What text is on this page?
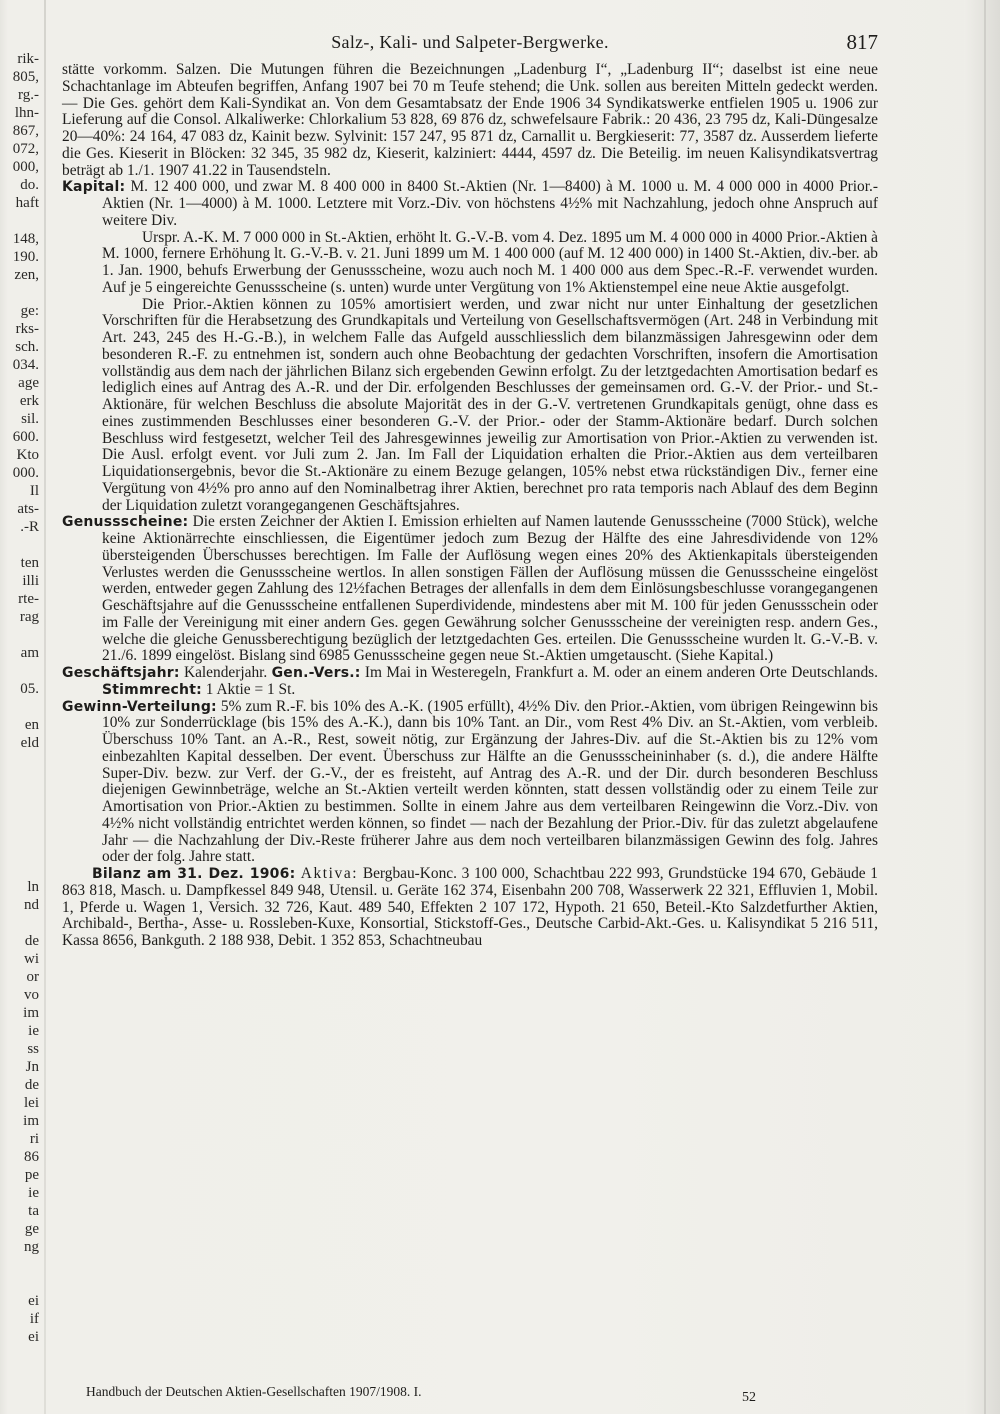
rik-
805,
rg.-
lhn-
867,
072,
000,
do.
haft

148,
190.
zen,

ge:
rks-
sch.
034.
age
erk
sil.
600.
Kto
000.
Il
ats-
.-R

ten
illi
rte-
rag

am

05.

en
eld

ln
nd

de
wi
or
vo
im
ie
ss
Jn
de
lei
im
ri
86
pe
ie
ta
ge
ng

ei
if
ei
Salz-, Kali- und Salpeter-Bergwerke.	817

stätte vorkomm. Salzen. Die Mutungen führen die Bezeichnungen „Ladenburg I“, „Ladenburg II“; daselbst ist eine neue Schachtanlage im Abteufen begriffen, Anfang 1907 bei 70 m Teufe stehend; die Unk. sollen aus bereiten Mitteln gedeckt werden. — Die Ges. gehört dem Kali-Syndikat an. Von dem Gesamtabsatz der Ende 1906 34 Syndikatswerke entfielen 1905 u. 1906 zur Lieferung auf die Consol. Alkaliwerke: Chlorkalium 53 828, 69 876 dz, schwefelsaure Fabrik.: 20 436, 23 795 dz, Kali-Düngesalze 20—40%: 24 164, 47 083 dz, Kainit bezw. Sylvinit: 157 247, 95 871 dz, Carnallit u. Bergkieserit: 77, 3587 dz. Ausserdem lieferte die Ges. Kieserit in Blöcken: 32 345, 35 982 dz, Kieserit, kalziniert: 4444, 4597 dz. Die Beteilig. im neuen Kalisyndikatsvertrag beträgt ab 1./1. 1907 41.22 in Tausendsteln.

Kapital: M. 12 400 000, und zwar M. 8 400 000 in 8400 St.-Aktien (Nr. 1—8400) à M. 1000 u. M. 4 000 000 in 4000 Prior.-Aktien (Nr. 1—4000) à M. 1000. Letztere mit Vorz.-Div. von höchstens 4½% mit Nachzahlung, jedoch ohne Anspruch auf weitere Div.

Urspr. A.-K. M. 7 000 000 in St.-Aktien, erhöht lt. G.-V.-B. vom 4. Dez. 1895 um M. 4 000 000 in 4000 Prior.-Aktien à M. 1000, fernere Erhöhung lt. G.-V.-B. v. 21. Juni 1899 um M. 1 400 000 (auf M. 12 400 000) in 1400 St.-Aktien, div.-ber. ab 1. Jan. 1900, behufs Erwerbung der Genussscheine, wozu auch noch M. 1 400 000 aus dem Spec.-R.-F. verwendet wurden. Auf je 5 eingereichte Genussscheine (s. unten) wurde unter Vergütung von 1% Aktienstempel eine neue Aktie ausgefolgt.

Die Prior.-Aktien können zu 105% amortisiert werden, und zwar nicht nur unter Einhaltung der gesetzlichen Vorschriften für die Herabsetzung des Grundkapitals und Verteilung von Gesellschaftsvermögen (Art. 248 in Verbindung mit Art. 243, 245 des H.-G.-B.), in welchem Falle das Aufgeld ausschliesslich dem bilanzmässigen Jahresgewinn oder dem besonderen R.-F. zu entnehmen ist, sondern auch ohne Beobachtung der gedachten Vorschriften, insofern die Amortisation vollständig aus dem nach der jährlichen Bilanz sich ergebenden Gewinn erfolgt. Zu der letztgedachten Amortisation bedarf es lediglich eines auf Antrag des A.-R. und der Dir. erfolgenden Beschlusses der gemeinsamen ord. G.-V. der Prior.- und St.-Aktionäre, für welchen Beschluss die absolute Majorität des in der G.-V. vertretenen Grundkapitals genügt, ohne dass es eines zustimmenden Beschlusses einer besonderen G.-V. der Prior.- oder der Stamm-Aktionäre bedarf. Durch solchen Beschluss wird festgesetzt, welcher Teil des Jahresgewinnes jeweilig zur Amortisation von Prior.-Aktien zu verwenden ist. Die Ausl. erfolgt event. vor Juli zum 2. Jan. Im Fall der Liquidation erhalten die Prior.-Aktien aus dem verteilbaren Liquidationsergebnis, bevor die St.-Aktionäre zu einem Bezuge gelangen, 105% nebst etwa rückständigen Div., ferner eine Vergütung von 4½% pro anno auf den Nominalbetrag ihrer Aktien, berechnet pro rata temporis nach Ablauf des dem Beginn der Liquidation zuletzt vorangegangenen Geschäftsjahres.

Genussscheine: Die ersten Zeichner der Aktien I. Emission erhielten auf Namen lautende Genussscheine (7000 Stück), welche keine Aktionärrechte einschliessen, die Eigentümer jedoch zum Bezug der Hälfte des eine Jahresdividende von 12% übersteigenden Überschusses berechtigen. Im Falle der Auflösung wegen eines 20% des Aktienkapitals übersteigenden Verlustes werden die Genussscheine wertlos. In allen sonstigen Fällen der Auflösung müssen die Genussscheine eingelöst werden, entweder gegen Zahlung des 12½fachen Betrages der allenfalls in dem dem Einlösungsbeschlusse vorangegangenen Geschäftsjahre auf die Genussscheine entfallenen Superdividende, mindestens aber mit M. 100 für jeden Genussschein oder im Falle der Vereinigung mit einer andern Ges. gegen Gewährung solcher Genussscheine der vereinigten resp. andern Ges., welche die gleiche Genussberechtigung bezüglich der letztgedachten Ges. erteilen. Die Genussscheine wurden lt. G.-V.-B. v. 21./6. 1899 eingelöst. Bislang sind 6985 Genussscheine gegen neue St.-Aktien umgetauscht. (Siehe Kapital.)

Geschäftsjahr: Kalenderjahr. Gen.-Vers.: Im Mai in Westeregeln, Frankfurt a. M. oder an einem anderen Orte Deutschlands. Stimmrecht: 1 Aktie = 1 St.

Gewinn-Verteilung: 5% zum R.-F. bis 10% des A.-K. (1905 erfüllt), 4½% Div. den Prior.-Aktien, vom übrigen Reingewinn bis 10% zur Sonderrücklage (bis 15% des A.-K.), dann bis 10% Tant. an Dir., vom Rest 4% Div. an St.-Aktien, vom verbleib. Überschuss 10% Tant. an A.-R., Rest, soweit nötig, zur Ergänzung der Jahres-Div. auf die St.-Aktien bis zu 12% vom einbezahlten Kapital desselben. Der event. Überschuss zur Hälfte an die Genussscheininhaber (s. d.), die andere Hälfte Super-Div. bezw. zur Verf. der G.-V., der es freisteht, auf Antrag des A.-R. und der Dir. durch besonderen Beschluss diejenigen Gewinnbeträge, welche an St.-Aktien verteilt werden könnten, statt dessen vollständig oder zu einem Teile zur Amortisation von Prior.-Aktien zu bestimmen. Sollte in einem Jahre aus dem verteilbaren Reingewinn die Vorz.-Div. von 4½% nicht vollständig entrichtet werden können, so findet — nach der Bezahlung der Prior.-Div. für das zuletzt abgelaufene Jahr — die Nachzahlung der Div.-Reste früherer Jahre aus dem noch verteilbaren bilanzmässigen Gewinn des folg. Jahres oder der folg. Jahre statt.

Bilanz am 31. Dez. 1906: Aktiva: Bergbau-Konc. 3 100 000, Schachtbau 222 993, Grundstücke 194 670, Gebäude 1 863 818, Masch. u. Dampfkessel 849 948, Utensil. u. Geräte 162 374, Eisenbahn 200 708, Wasserwerk 22 321, Effluvien 1, Mobil. 1, Pferde u. Wagen 1, Versich. 32 726, Kaut. 489 540, Effekten 2 107 172, Hypoth. 21 650, Beteil.-Kto Salzdetfurther Aktien, Archibald-, Bertha-, Asse- u. Rossleben-Kuxe, Konsortial, Stickstoff-Ges., Deutsche Carbid-Akt.-Ges. u. Kalisyndikat 5 216 511, Kassa 8656, Bankguth. 2 188 938, Debit. 1 352 853, Schachtneubau

Handbuch der Deutschen Aktien-Gesellschaften 1907/1908. I.	52
